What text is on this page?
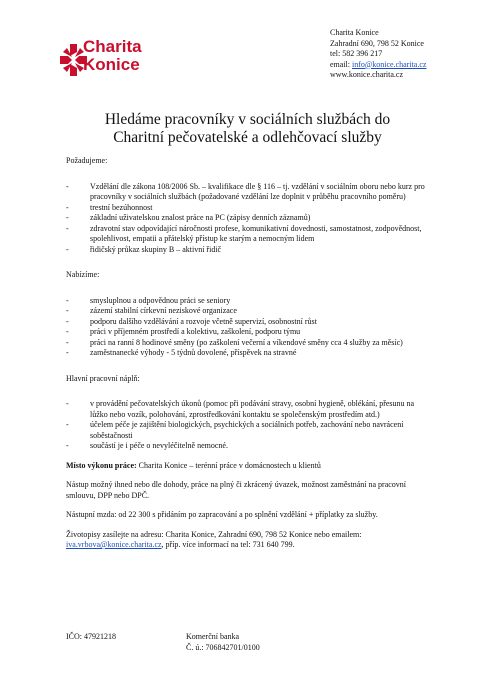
Charita
Konice
Charita Konice
Zahradní 690, 798 52 Konice
tel: 582 396 217
email: info@konice.charita.cz
www.konice.charita.cz
Hledáme pracovníky v sociálních službách do
Charitní pečovatelské a odlehčovací služby

Požadujeme:

- Vzdělání dle zákona 108/2006 Sb. – kvalifikace dle § 116 – tj. vzdělání v sociálním oboru nebo kurz pro pracovníky v sociálních službách (požadované vzdělání lze doplnit v průběhu pracovního poměru)
- trestní bezúhonnost
- základní uživatelskou znalost práce na PC (zápisy denních záznamů)
- zdravotní stav odpovídající náročnosti profese, komunikativní dovednosti, samostatnost, zodpovědnost, spolehlivost, empatii a přátelský přístup ke starým a nemocným lidem
- řidičský průkaz skupiny B – aktivní řidič

Nabízíme:

- smysluplnou a odpovědnou práci se seniory
- zázemí stabilní církevní neziskové organizace
- podporu dalšího vzdělávání a rozvoje včetně supervizí, osobnostní růst
- práci v příjemném prostředí a kolektivu, zaškolení, podporu týmu
- práci na ranní 8 hodinové směny (po zaškolení večerní a víkendové směny cca 4 služby za měsíc)
- zaměstnanecké výhody - 5 týdnů dovolené, příspěvek na stravné

Hlavní pracovní náplň:

- v provádění pečovatelských úkonů (pomoc při podávání stravy, osobní hygieně, oblékání, přesunu na lůžko nebo vozík, polohování, zprostředkování kontaktu se společenským prostředím atd.)
- účelem péče je zajištění biologických, psychických a sociálních potřeb, zachování nebo navrácení soběstačnosti
- součástí je i péče o nevyléčitelně nemocné.

Místo výkonu práce: Charita Konice – terénní práce v domácnostech u klientů

Nástup možný ihned nebo dle dohody, práce na plný či zkrácený úvazek, možnost zaměstnání na pracovní smlouvu, DPP nebo DPČ.

Nástupní mzda: od 22 300 s přidáním po zapracování a po splnění vzdělání + příplatky za služby.

Životopisy zasílejte na adresu: Charita Konice, Zahradní 690, 798 52 Konice nebo emailem: iva.vrbova@konice.charita.cz, příp. více informací na tel: 731 640 799.

IČO: 47921218	Komerční banka
Č. ú.: 706842701/0100
